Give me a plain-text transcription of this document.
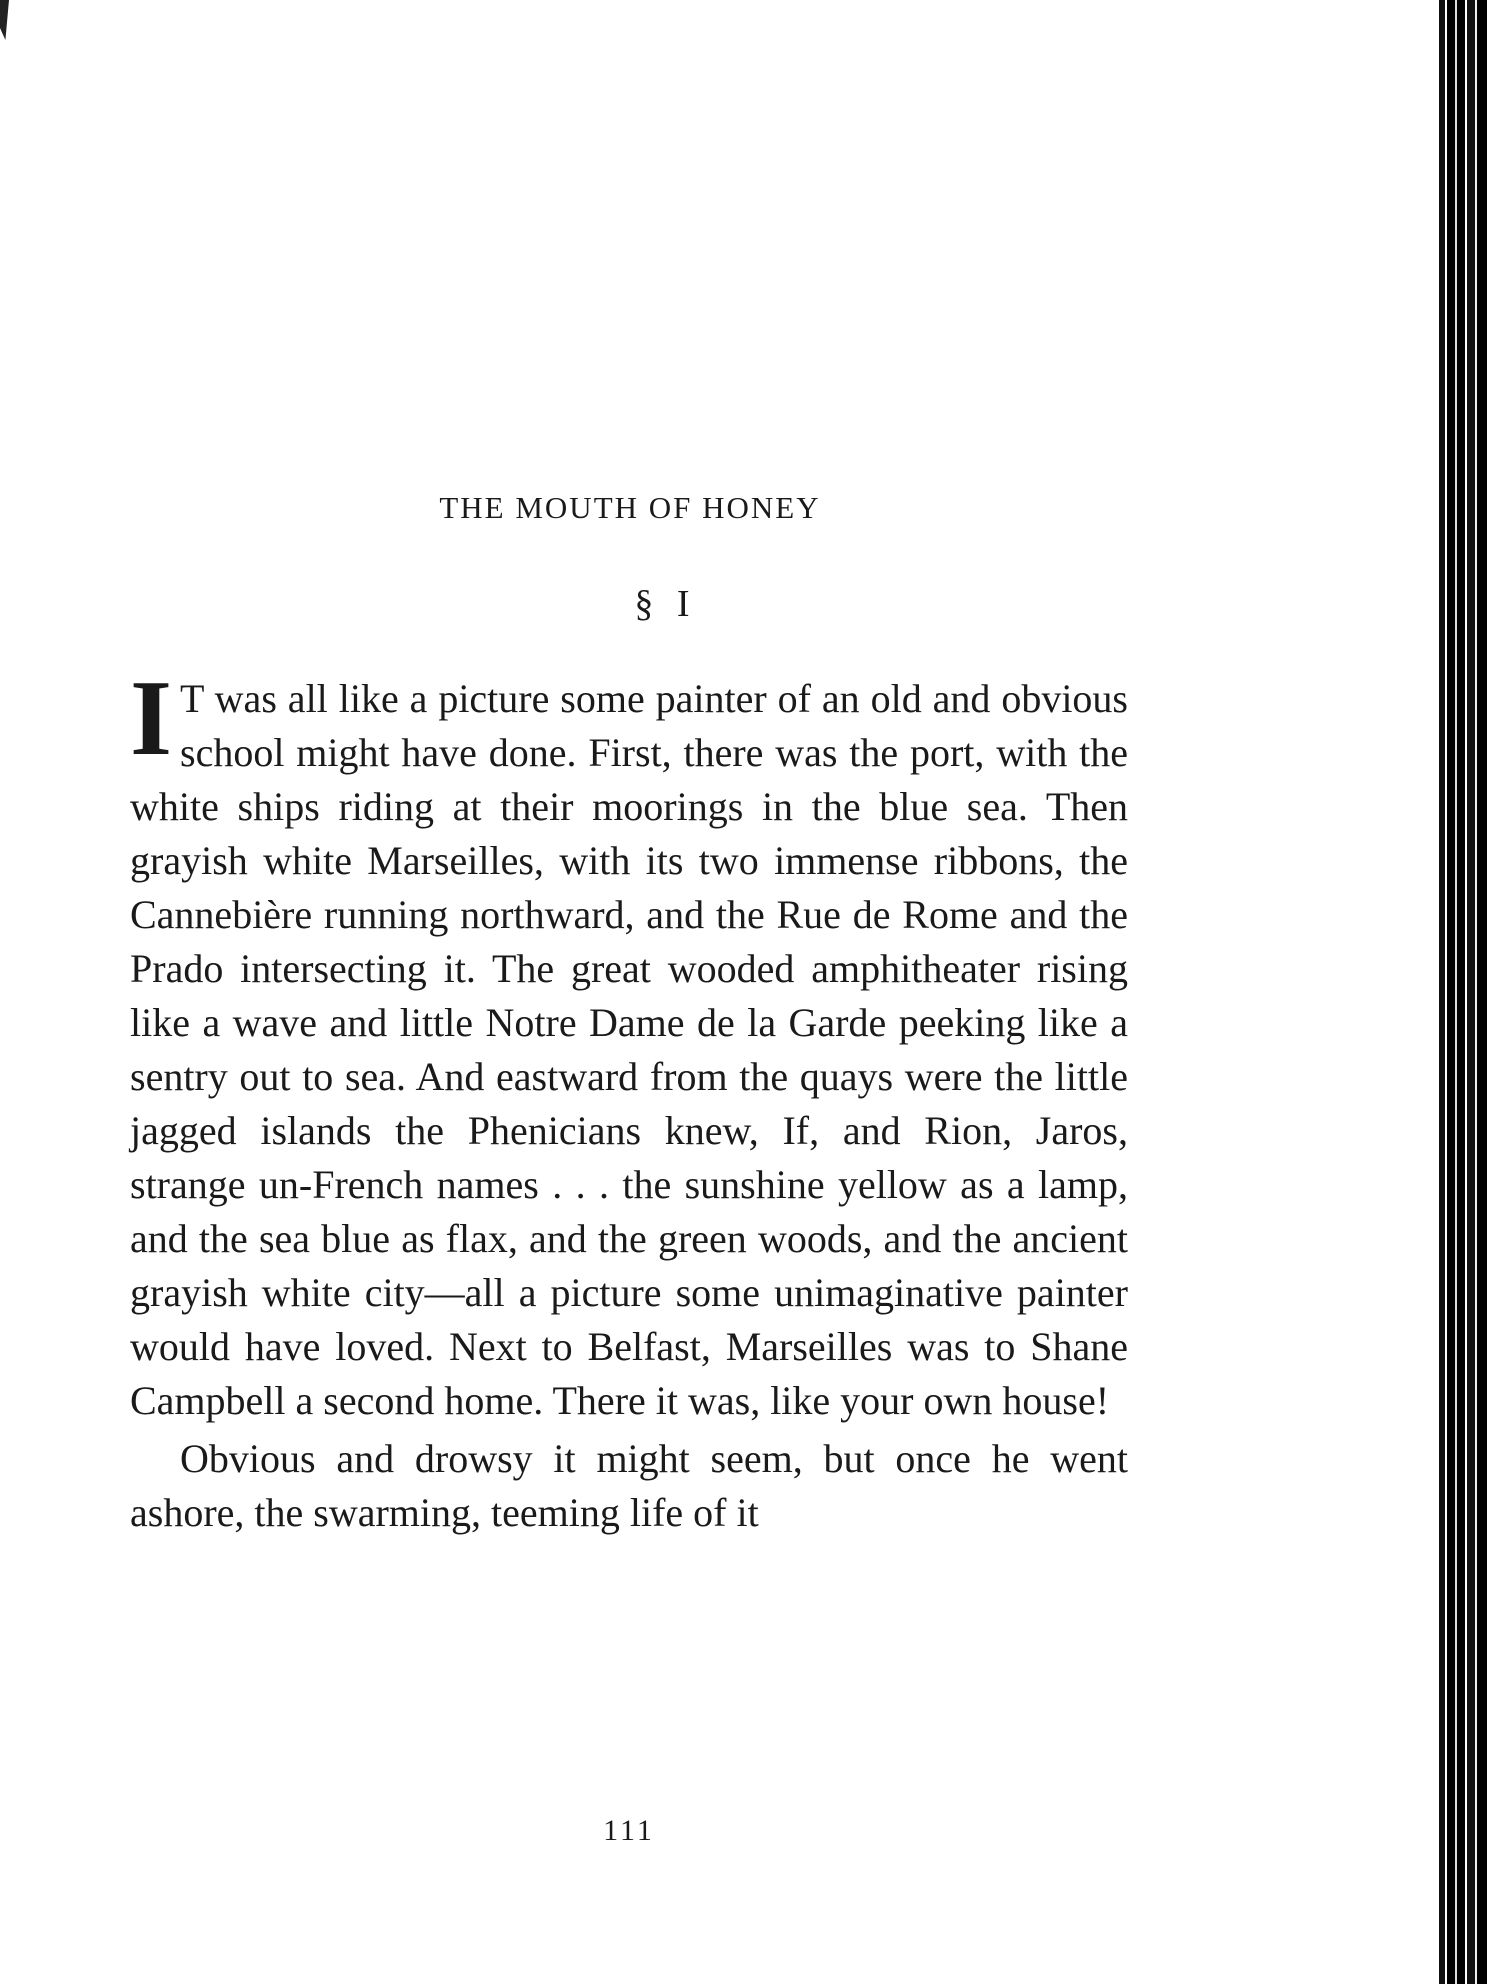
THE MOUTH OF HONEY
§ I

I T was all like a picture some painter of an old and obvious school might have done. First, there was the port, with the white ships riding at their moorings in the blue sea. Then grayish white Marseilles, with its two immense ribbons, the Cannebière running northward, and the Rue de Rome and the Prado intersecting it. The great wooded amphitheater rising like a wave and little Notre Dame de la Garde peeking like a sentry out to sea. And eastward from the quays were the little jagged islands the Phenicians knew, If, and Rion, Jaros, strange un-French names . . . the sunshine yellow as a lamp, and the sea blue as flax, and the green woods, and the ancient grayish white city—all a picture some unimaginative painter would have loved. Next to Belfast, Marseilles was to Shane Campbell a second home. There it was, like your own house!

Obvious and drowsy it might seem, but once he went ashore, the swarming, teeming life of it

111
